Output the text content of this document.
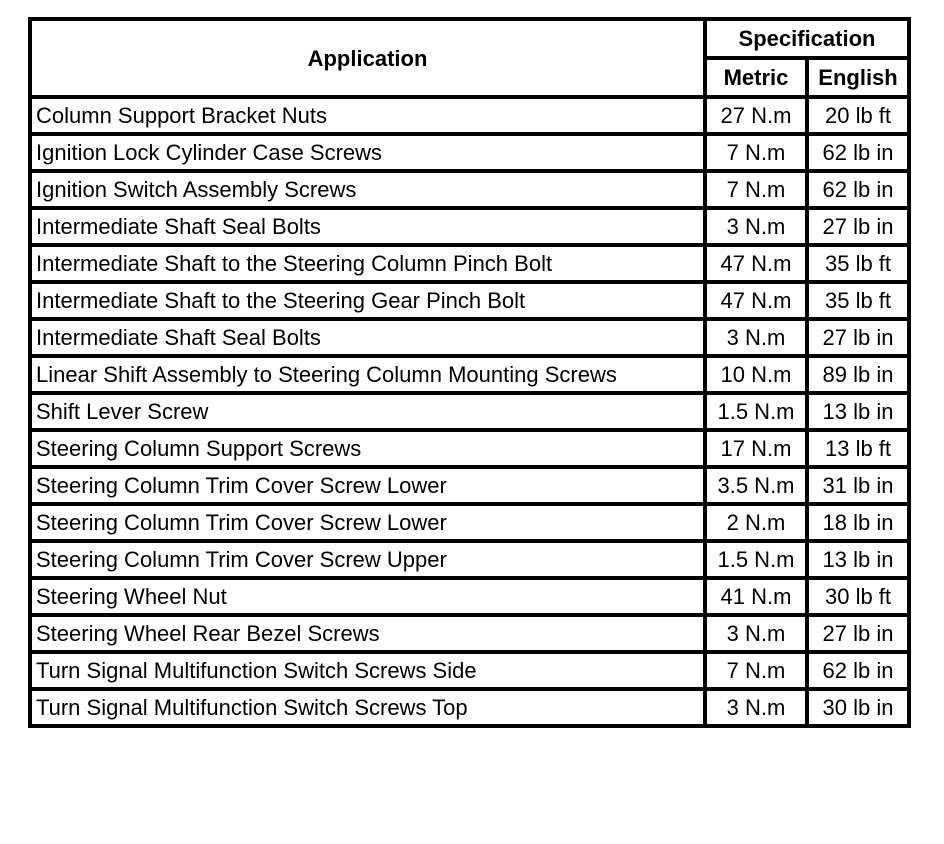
Application	Specification	
	Metric	English
Column Support Bracket Nuts	27 N.m	20 lb ft
Ignition Lock Cylinder Case Screws	7 N.m	62 lb in
Ignition Switch Assembly Screws	7 N.m	62 lb in
Intermediate Shaft Seal Bolts	3 N.m	27 lb in
Intermediate Shaft to the Steering Column Pinch Bolt	47 N.m	35 lb ft
Intermediate Shaft to the Steering Gear Pinch Bolt	47 N.m	35 lb ft
Intermediate Shaft Seal Bolts	3 N.m	27 lb in
Linear Shift Assembly to Steering Column Mounting Screws	10 N.m	89 lb in
Shift Lever Screw	1.5 N.m	13 lb in
Steering Column Support Screws	17 N.m	13 lb ft
Steering Column Trim Cover Screw Lower	3.5 N.m	31 lb in
Steering Column Trim Cover Screw Lower	2 N.m	18 lb in
Steering Column Trim Cover Screw Upper	1.5 N.m	13 lb in
Steering Wheel Nut	41 N.m	30 lb ft
Steering Wheel Rear Bezel Screws	3 N.m	27 lb in
Turn Signal Multifunction Switch Screws Side	7 N.m	62 lb in
Turn Signal Multifunction Switch Screws Top	3 N.m	30 lb in
